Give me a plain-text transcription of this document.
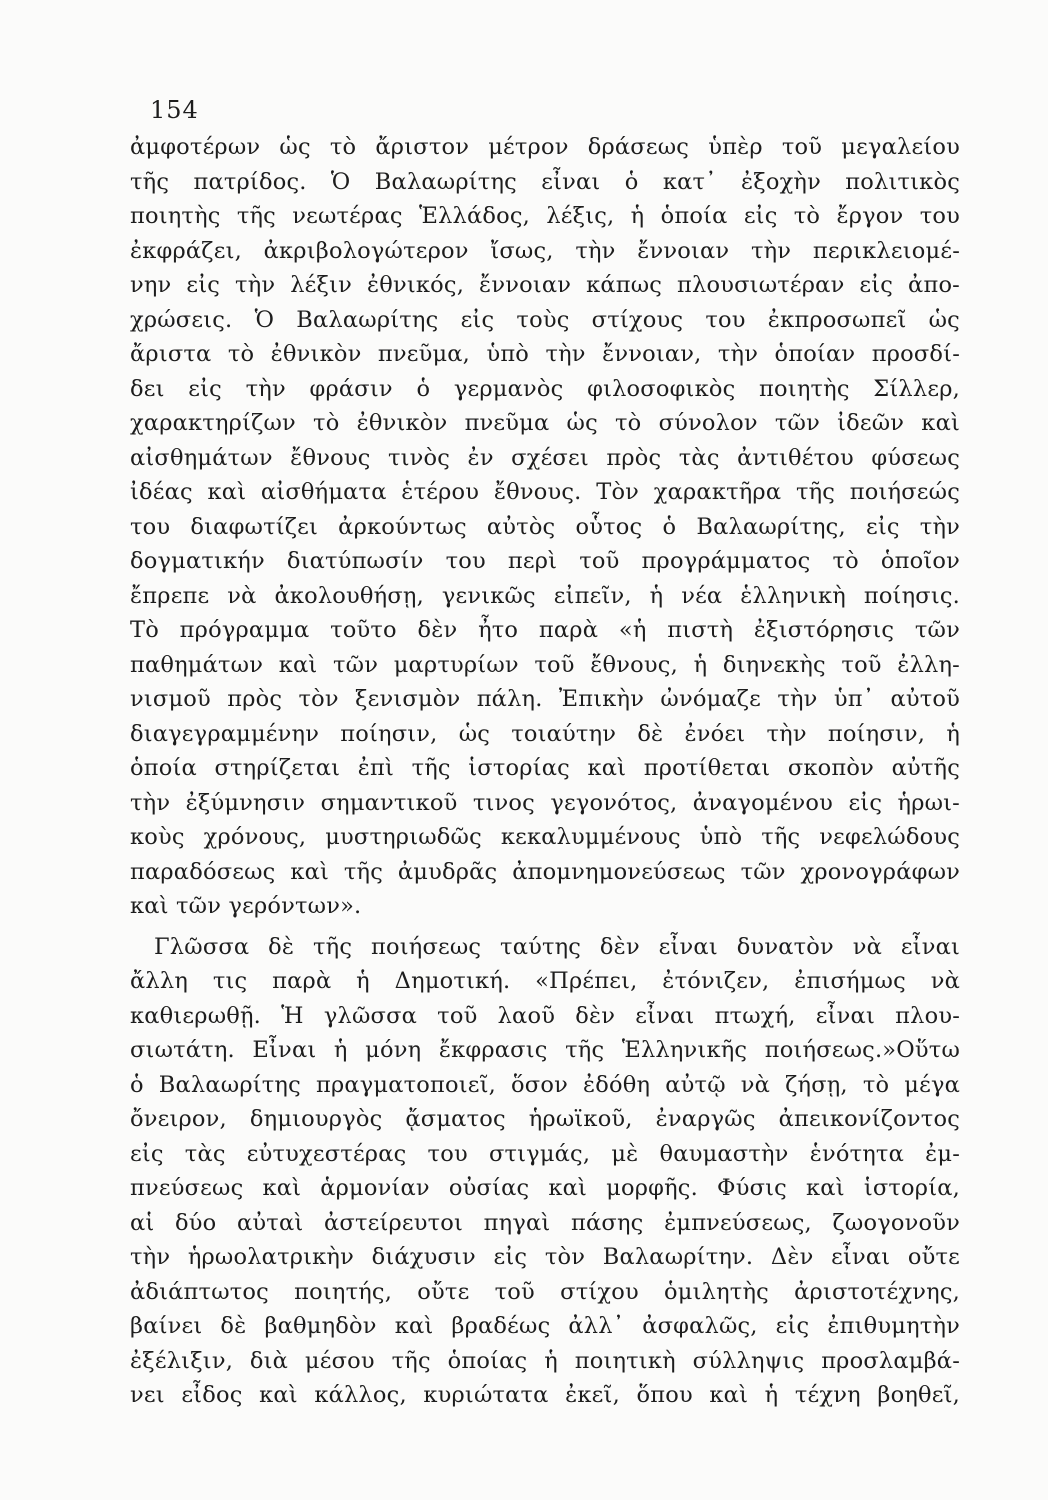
154
ἀμφοτέρων ὡς τὸ ἄριστον μέτρον δράσεως ὑπὲρ τοῦ μεγαλείου
τῆς πατρίδος. Ὁ Βαλαωρίτης εἶναι ὁ κατ᾽ ἐξοχὴν πολιτικὸς
ποιητὴς τῆς νεωτέρας Ἑλλάδος, λέξις, ἡ ὁποία εἰς τὸ ἔργον του
ἐκφράζει, ἀκριβολογώτερον ἴσως, τὴν ἔννοιαν τὴν περικλειομέ-
νην εἰς τὴν λέξιν ἐθνικός, ἔννοιαν κάπως πλουσιωτέραν εἰς ἀπο-
χρώσεις. Ὁ Βαλαωρίτης εἰς τοὺς στίχους του ἐκπροσωπεῖ ὡς
ἄριστα τὸ ἐθνικὸν πνεῦμα, ὑπὸ τὴν ἔννοιαν, τὴν ὁποίαν προσδί-
δει εἰς τὴν φράσιν ὁ γερμανὸς φιλοσοφικὸς ποιητὴς Σίλλερ,
χαρακτηρίζων τὸ ἐθνικὸν πνεῦμα ὡς τὸ σύνολον τῶν ἰδεῶν καὶ
αἰσθημάτων ἔθνους τινὸς ἐν σχέσει πρὸς τὰς ἀντιθέτου φύσεως
ἰδέας καὶ αἰσθήματα ἑτέρου ἔθνους. Τὸν χαρακτῆρα τῆς ποιήσεώς
του διαφωτίζει ἀρκούντως αὐτὸς οὗτος ὁ Βαλαωρίτης, εἰς τὴν
δογματικήν διατύπωσίν του περὶ τοῦ προγράμματος τὸ ὁποῖον
ἔπρεπε νὰ ἀκολουθήσῃ, γενικῶς εἰπεῖν, ἡ νέα ἑλληνικὴ ποίησις.
Τὸ πρόγραμμα τοῦτο δὲν ἦτο παρὰ «ἡ πιστὴ ἐξιστόρησις τῶν
παθημάτων καὶ τῶν μαρτυρίων τοῦ ἔθνους, ἡ διηνεκὴς τοῦ ἐλλη-
νισμοῦ πρὸς τὸν ξενισμὸν πάλη. Ἐπικὴν ὠνόμαζε τὴν ὑπ᾽ αὐτοῦ
διαγεγραμμένην ποίησιν, ὡς τοιαύτην δὲ ἐνόει τὴν ποίησιν, ἡ
ὁποία στηρίζεται ἐπὶ τῆς ἱστορίας καὶ προτίθεται σκοπὸν αὐτῆς
τὴν ἐξύμνησιν σημαντικοῦ τινος γεγονότος, ἀναγομένου εἰς ἡρωι-
κοὺς χρόνους, μυστηριωδῶς κεκαλυμμένους ὑπὸ τῆς νεφελώδους
παραδόσεως καὶ τῆς ἀμυδρᾶς ἀπομνημονεύσεως τῶν χρονογράφων
καὶ τῶν γερόντων».
Γλῶσσα δὲ τῆς ποιήσεως ταύτης δὲν εἶναι δυνατὸν νὰ εἶναι
ἄλλη τις παρὰ ἡ Δημοτική. «Πρέπει, ἐτόνιζεν, ἐπισήμως νὰ
καθιερωθῇ. Ἡ γλῶσσα τοῦ λαοῦ δὲν εἶναι πτωχή, εἶναι πλου-
σιωτάτη. Εἶναι ἡ μόνη ἔκφρασις τῆς Ἑλληνικῆς ποιήσεως.»Οὕτω
ὁ Βαλαωρίτης πραγματοποιεῖ, ὅσον ἐδόθη αὐτῷ νὰ ζήσῃ, τὸ μέγα
ὄνειρον, δημιουργὸς ᾄσματος ἡρωϊκοῦ, ἐναργῶς ἀπεικονίζοντος
εἰς τὰς εὐτυχεστέρας του στιγμάς, μὲ θαυμαστὴν ἑνότητα ἐμ-
πνεύσεως καὶ ἁρμονίαν οὐσίας καὶ μορφῆς. Φύσις καὶ ἱστορία,
αἱ δύο αὐταὶ ἀστείρευτοι πηγαὶ πάσης ἐμπνεύσεως, ζωογονοῦν
τὴν ἡρωολατρικὴν διάχυσιν εἰς τὸν Βαλαωρίτην. Δὲν εἶναι οὔτε
ἀδιάπτωτος ποιητής, οὔτε τοῦ στίχου ὁμιλητὴς ἀριστοτέχνης,
βαίνει δὲ βαθμηδὸν καὶ βραδέως ἀλλ᾽ ἀσφαλῶς, εἰς ἐπιθυμητὴν
ἐξέλιξιν, διὰ μέσου τῆς ὁποίας ἡ ποιητικὴ σύλληψις προσλαμβά-
νει εἶδος καὶ κάλλος, κυριώτατα ἐκεῖ, ὅπου καὶ ἡ τέχνη βοηθεῖ,
